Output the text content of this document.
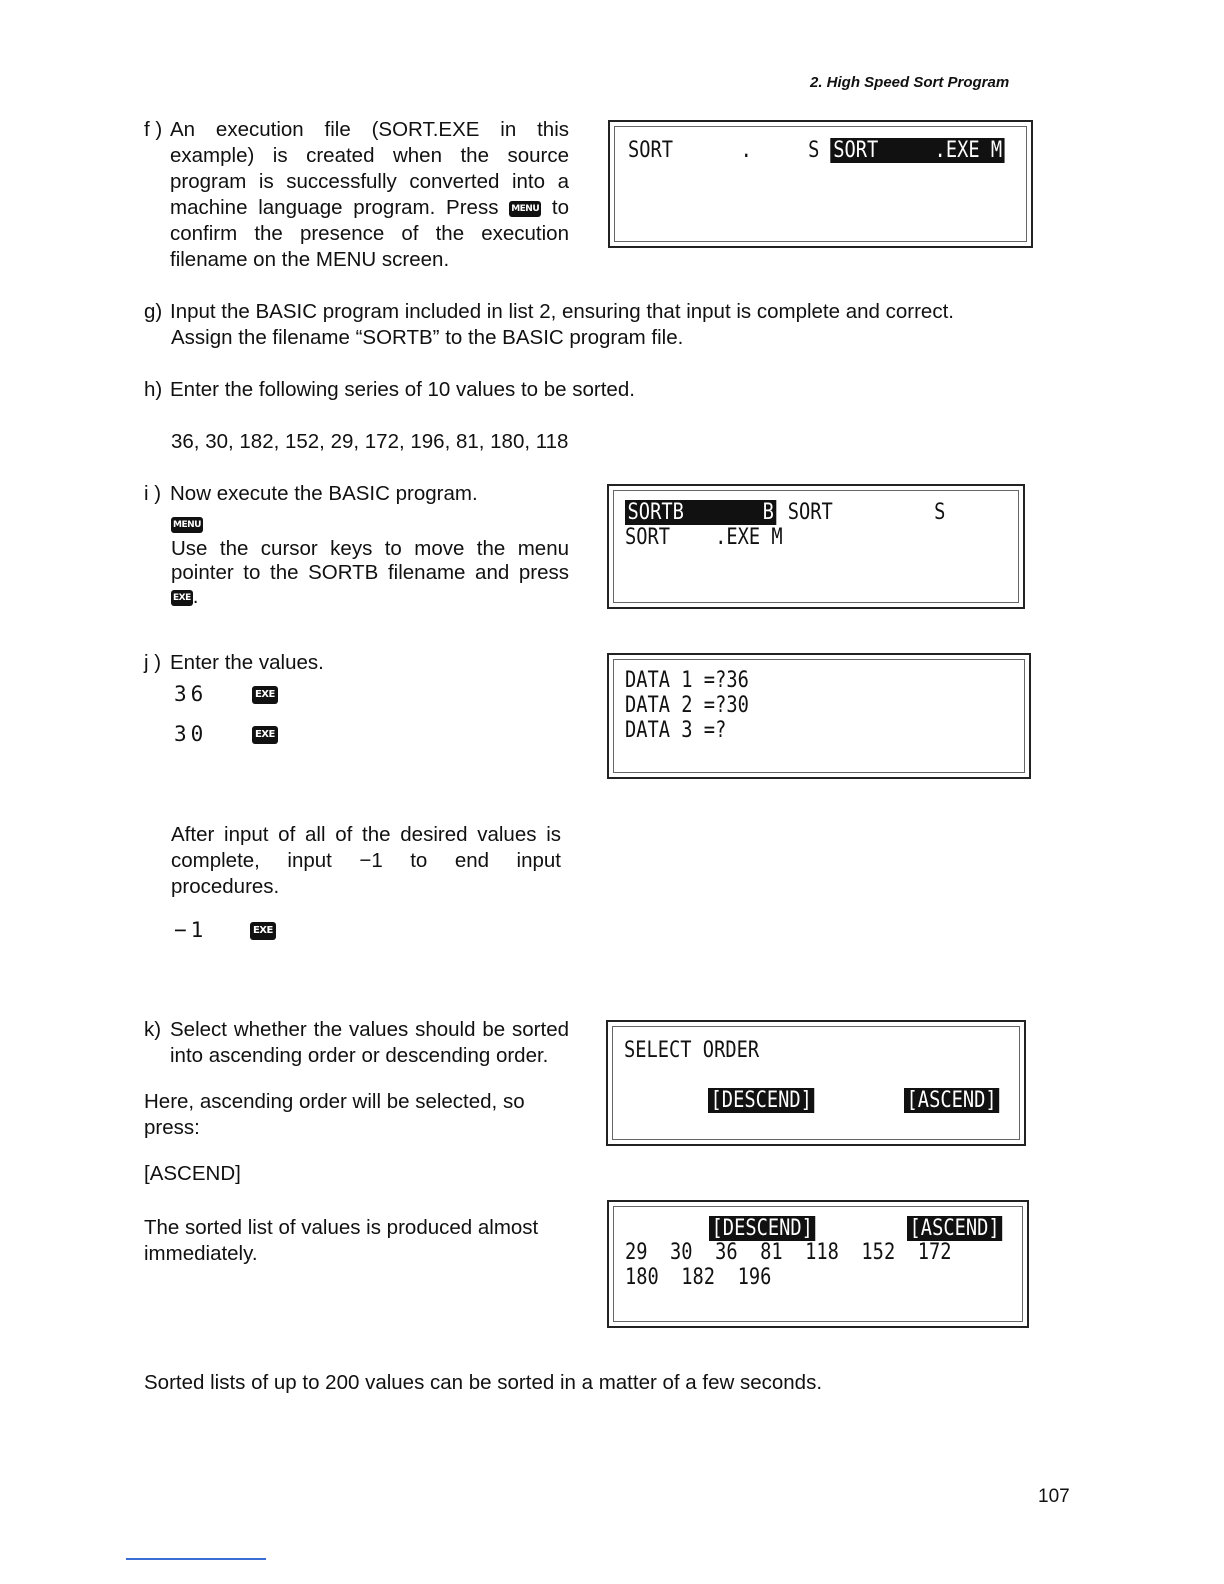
2. High Speed Sort Program
f ) An execution file (SORT.EXE in this example) is created when the source program is successfully converted into a machine language program. Press MENU to confirm the presence of the execution filename on the MENU screen.
SORT	.	S SORT     .EXE M
g) Input the BASIC program included in list 2, ensuring that input is complete and correct.
Assign the filename “SORTB” to the BASIC program file.
h) Enter the following series of 10 values to be sorted.
36, 30, 182, 152, 29, 172, 196, 81, 180, 118
i ) Now execute the BASIC program.
MENU
Use the cursor keys to move the menu pointer to the SORTB filename and press EXE.
SORTB       B SORT         S
SORT    .EXE M
j ) Enter the values.
36	EXE
30	EXE
DATA 1 =?36
DATA 2 =?30
DATA 3 =?
After input of all of the desired values is complete, input −1 to end input procedures.
−1	EXE
k) Select whether the values should be sorted into ascending order or descending order.
Here, ascending order will be selected, so press:
[ASCEND]
The sorted list of values is produced almost immediately.
SELECT ORDER
[DESCEND]	[ASCEND]
[DESCEND]	[ASCEND]
29  30  36  81  118  152  172
180  182  196
Sorted lists of up to 200 values can be sorted in a matter of a few seconds.
107
